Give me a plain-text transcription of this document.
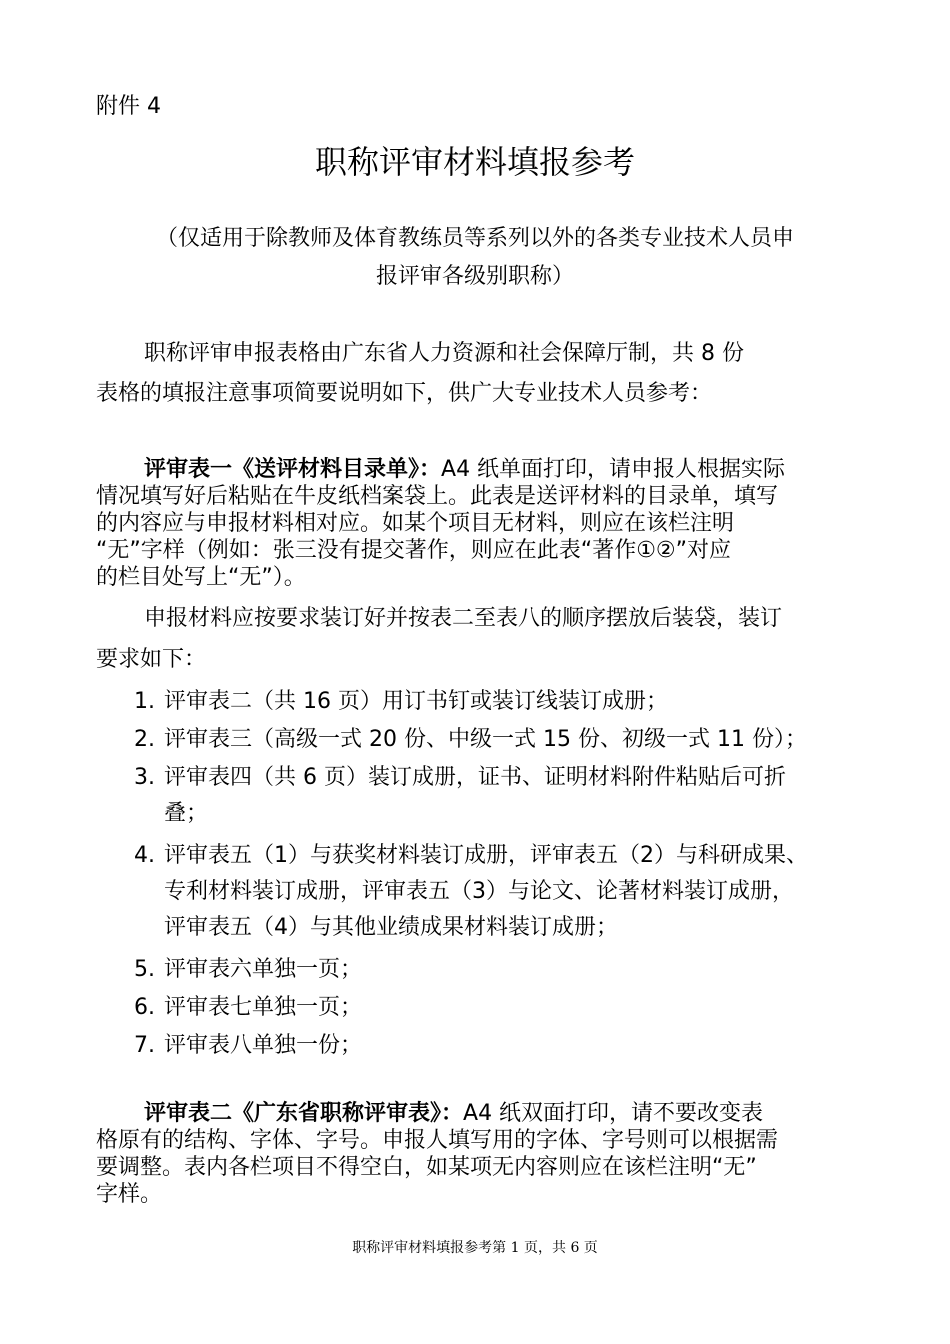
附件 4
职称评审材料填报参考
（仅适用于除教师及体育教练员等系列以外的各类专业技术人员申
报评审各级别职称）
职称评审申报表格由广东省人力资源和社会保障厅制，共 8 份
表格的填报注意事项简要说明如下，供广大专业技术人员参考：
评审表一《送评材料目录单》：A4 纸单面打印，请申报人根据实际
情况填写好后粘贴在牛皮纸档案袋上。此表是送评材料的目录单，填写
的内容应与申报材料相对应。如某个项目无材料，则应在该栏注明
“无”字样（例如：张三没有提交著作，则应在此表“著作①②”对应
的栏目处写上“无”）。
申报材料应按要求装订好并按表二至表八的顺序摆放后装袋，装订
要求如下：
1. 评审表二（共 16 页）用订书钉或装订线装订成册；
2. 评审表三（高级一式 20 份、中级一式 15 份、初级一式 11 份）；
3. 评审表四（共 6 页）装订成册，证书、证明材料附件粘贴后可折
叠；
4. 评审表五（1）与获奖材料装订成册，评审表五（2）与科研成果、
专利材料装订成册，评审表五（3）与论文、论著材料装订成册，
评审表五（4）与其他业绩成果材料装订成册；
5. 评审表六单独一页；
6. 评审表七单独一页；
7. 评审表八单独一份；
评审表二《广东省职称评审表》：A4 纸双面打印，请不要改变表
格原有的结构、字体、字号。申报人填写用的字体、字号则可以根据需
要调整。表内各栏项目不得空白，如某项无内容则应在该栏注明“无”
字样。
职称评审材料填报参考第 1 页，共 6 页
